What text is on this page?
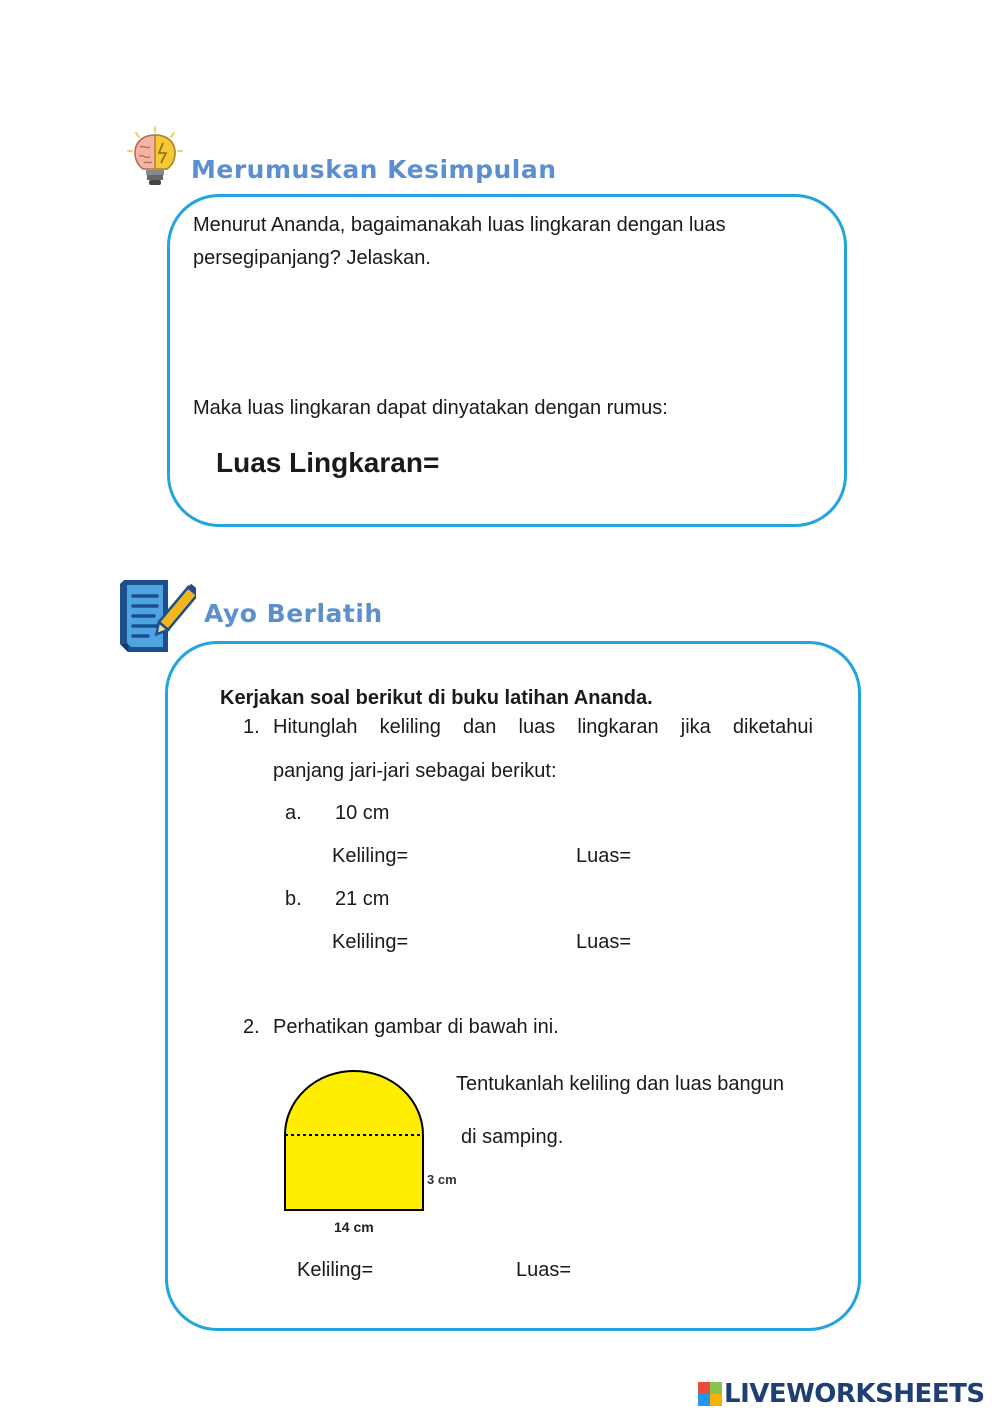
Merumuskan Kesimpulan
Menurut Ananda, bagaimanakah luas lingkaran dengan luas
persegipanjang? Jelaskan.
Maka luas lingkaran dapat dinyatakan dengan rumus:
Luas Lingkaran=
Ayo Berlatih
Kerjakan soal berikut di buku latihan Ananda.
1. Hitunglah keliling dan luas lingkaran jika diketahui
panjang jari-jari sebagai berikut:
a. 10 cm
Keliling=	Luas=
b. 21 cm
Keliling=	Luas=
2. Perhatikan gambar di bawah ini.
3 cm
14 cm
Tentukanlah keliling dan luas bangun
di samping.
Keliling=	Luas=
LIVEWORKSHEETS
